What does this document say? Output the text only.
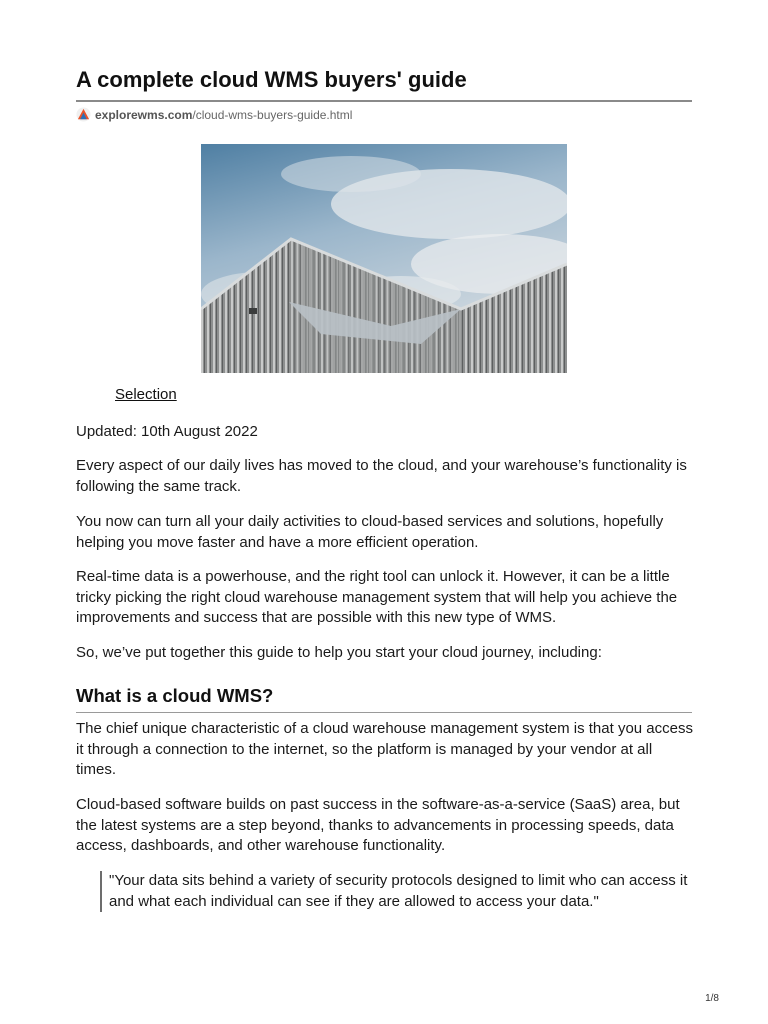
A complete cloud WMS buyers' guide
explorewms.com /cloud-wms-buyers-guide.html
Selection

Updated: 10th August 2022

Every aspect of our daily lives has moved to the cloud, and your warehouse’s functionality is following the same track.

You now can turn all your daily activities to cloud-based services and solutions, hopefully helping you move faster and have a more efficient operation.

Real-time data is a powerhouse, and the right tool can unlock it. However, it can be a little tricky picking the right cloud warehouse management system that will help you achieve the improvements and success that are possible with this new type of WMS.

So, we’ve put together this guide to help you start your cloud journey, including:

What is a cloud WMS?

The chief unique characteristic of a cloud warehouse management system is that you access it through a connection to the internet, so the platform is managed by your vendor at all times.

Cloud-based software builds on past success in the software-as-a-service (SaaS) area, but the latest systems are a step beyond, thanks to advancements in processing speeds, data access, dashboards, and other warehouse functionality.

"Your data sits behind a variety of security protocols designed to limit who can access it and what each individual can see if they are allowed to access your data."
1/8
